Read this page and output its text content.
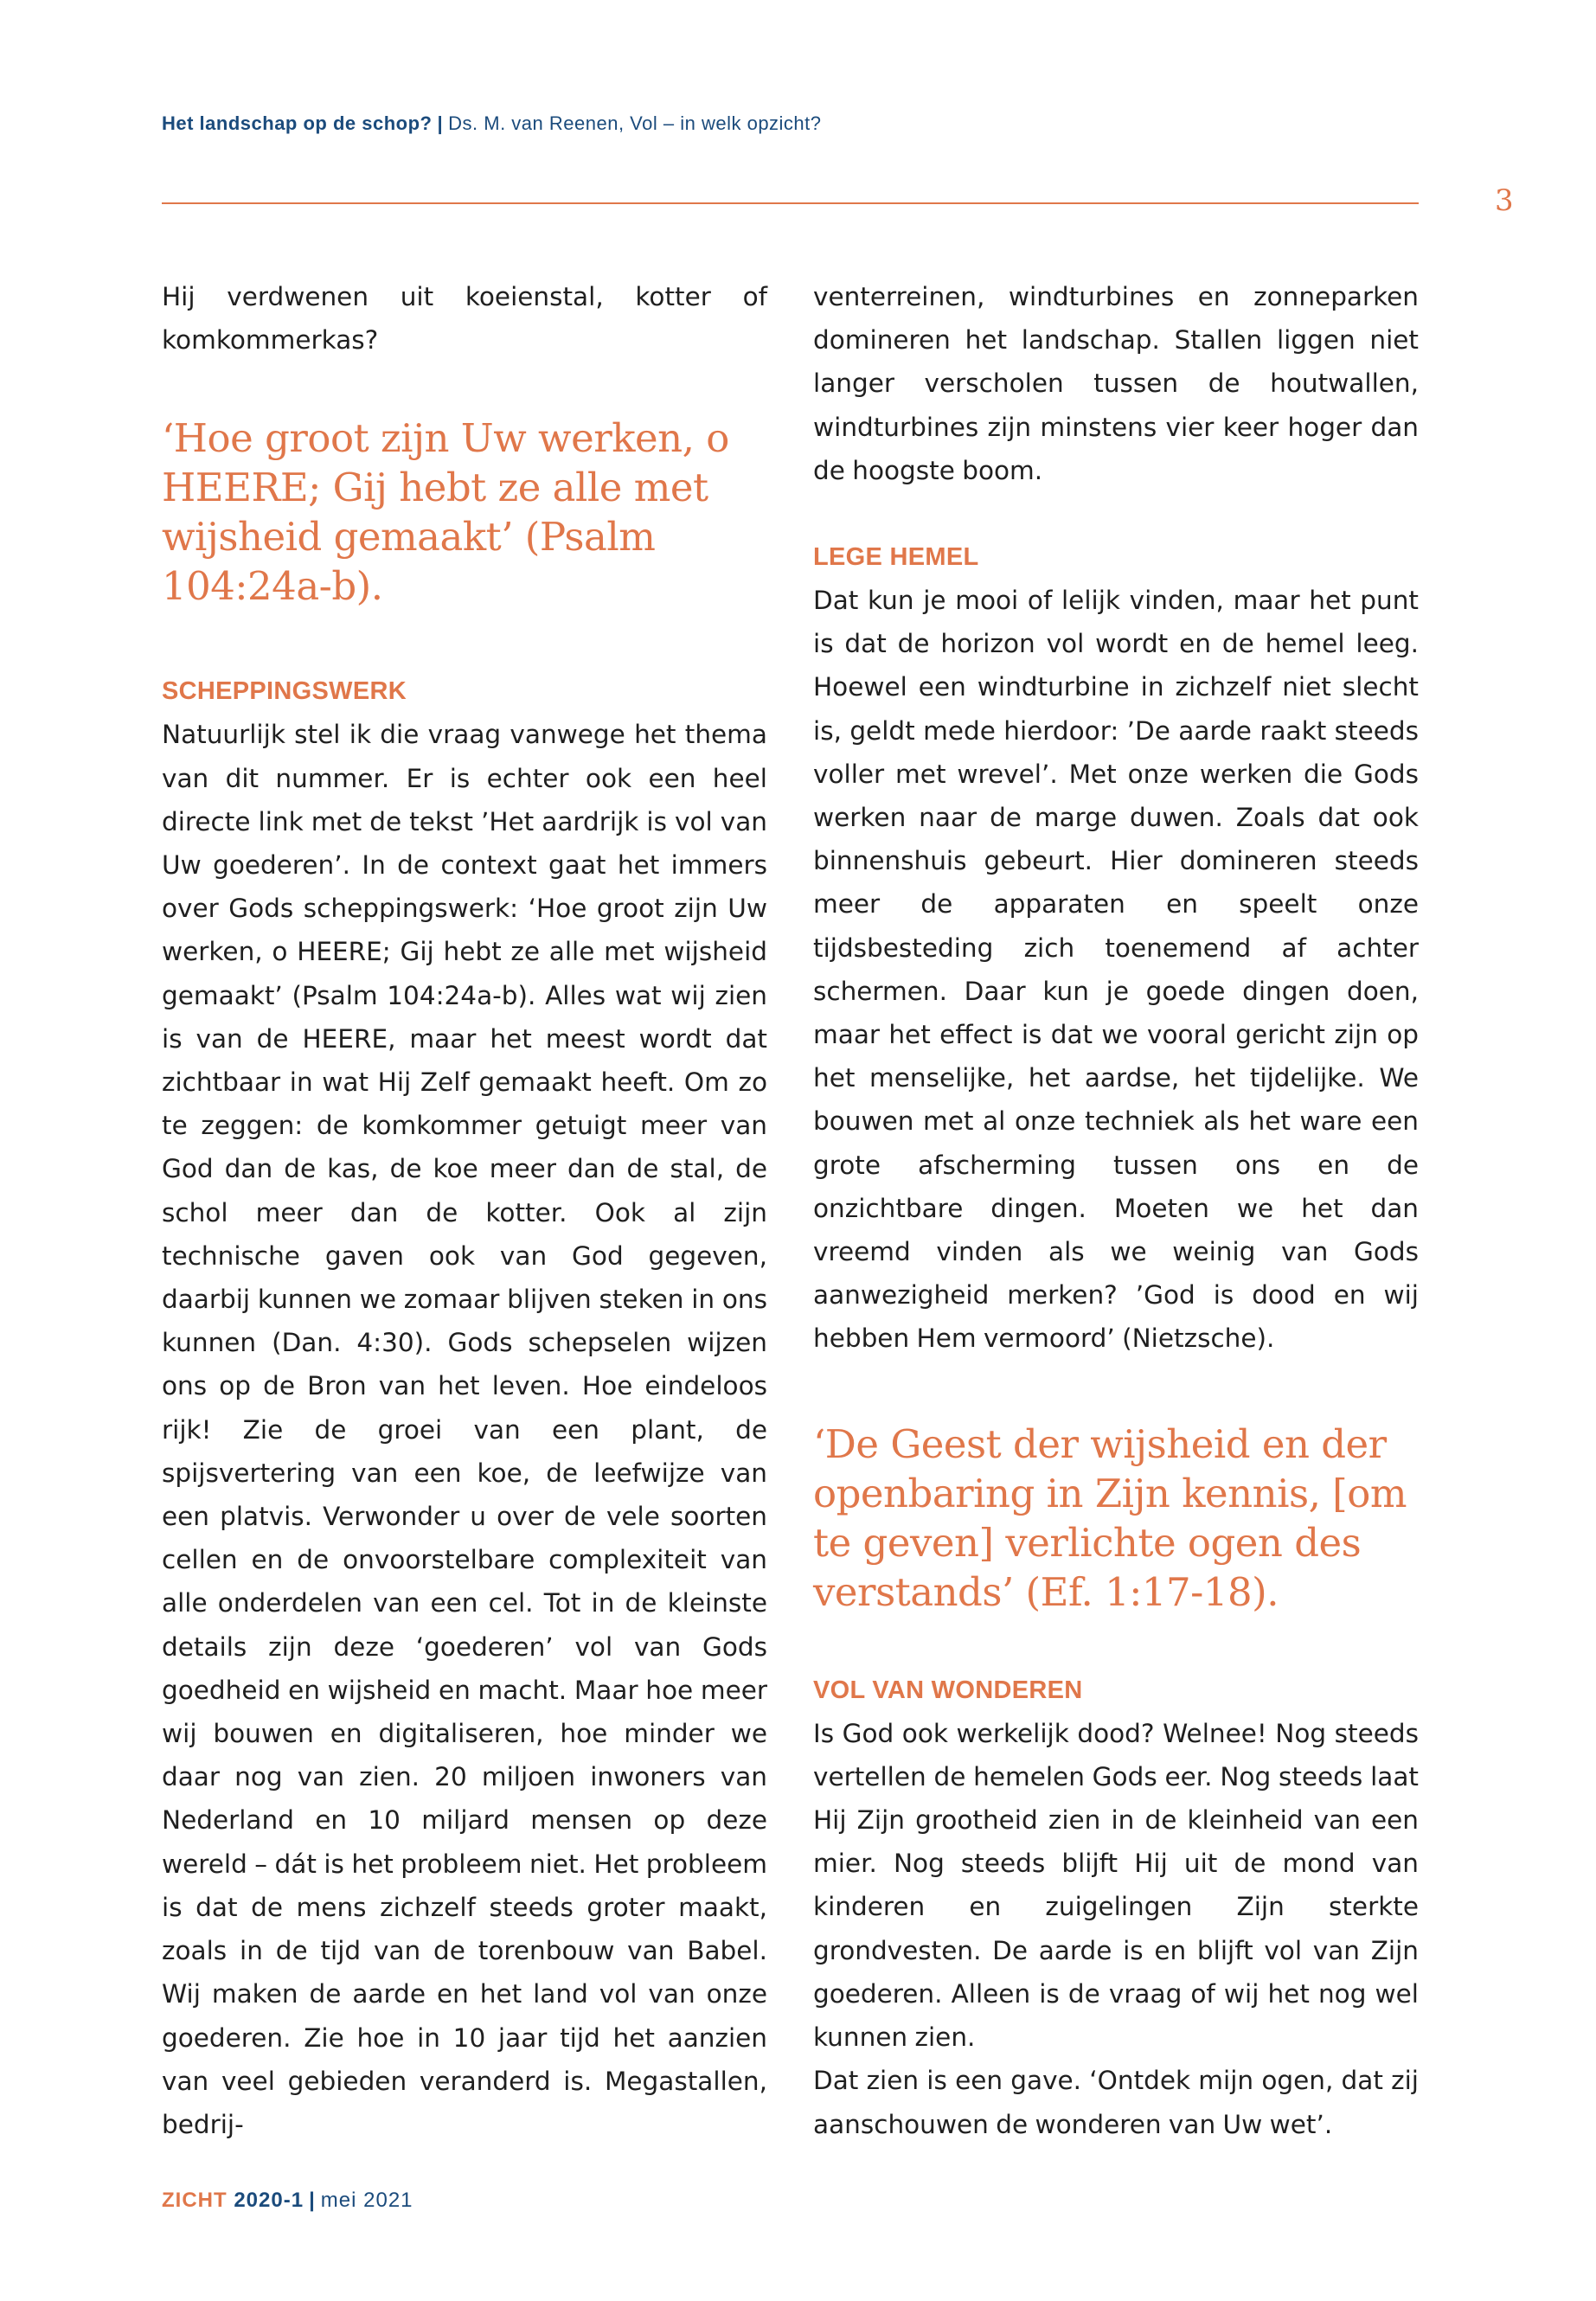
Het landschap op de schop? | Ds. M. van Reenen, Vol – in welk opzicht?
3

Hij verdwenen uit koeienstal, kotter of komkommerkas?

‘Hoe groot zijn Uw werken, o HEERE; Gij hebt ze alle met wijsheid gemaakt’ (Psalm 104:24a-b).

SCHEPPINGSWERK

Natuurlijk stel ik die vraag vanwege het thema van dit nummer. Er is echter ook een heel directe link met de tekst ’Het aardrijk is vol van Uw goederen’. In de context gaat het immers over Gods scheppingswerk: ‘Hoe groot zijn Uw werken, o HEERE; Gij hebt ze alle met wijsheid gemaakt’ (Psalm 104:24a-b). Alles wat wij zien is van de HEERE, maar het meest wordt dat zichtbaar in wat Hij Zelf gemaakt heeft. Om zo te zeggen: de komkommer getuigt meer van God dan de kas, de koe meer dan de stal, de schol meer dan de kotter. Ook al zijn technische gaven ook van God gegeven, daarbij kunnen we zomaar blijven steken in ons kunnen (Dan. 4:30). Gods schepselen wijzen ons op de Bron van het leven. Hoe eindeloos rijk! Zie de groei van een plant, de spijsvertering van een koe, de leefwijze van een platvis. Verwonder u over de vele soorten cellen en de onvoorstelbare complexiteit van alle onderdelen van een cel. Tot in de kleinste details zijn deze ‘goederen’ vol van Gods goedheid en wijsheid en macht. Maar hoe meer wij bouwen en digitaliseren, hoe minder we daar nog van zien. 20 miljoen inwoners van Nederland en 10 miljard mensen op deze wereld – dát is het probleem niet. Het probleem is dat de mens zichzelf steeds groter maakt, zoals in de tijd van de torenbouw van Babel. Wij maken de aarde en het land vol van onze goederen. Zie hoe in 10 jaar tijd het aanzien van veel gebieden veranderd is. Megastallen, bedrij-

venterreinen, windturbines en zonneparken domineren het landschap. Stallen liggen niet langer verscholen tussen de houtwallen, windturbines zijn minstens vier keer hoger dan de hoogste boom.

LEGE HEMEL

Dat kun je mooi of lelijk vinden, maar het punt is dat de horizon vol wordt en de hemel leeg. Hoewel een windturbine in zichzelf niet slecht is, geldt mede hierdoor: ’De aarde raakt steeds voller met wrevel’. Met onze werken die Gods werken naar de marge duwen. Zoals dat ook binnenshuis gebeurt. Hier domineren steeds meer de apparaten en speelt onze tijdsbesteding zich toenemend af achter schermen. Daar kun je goede dingen doen, maar het effect is dat we vooral gericht zijn op het menselijke, het aardse, het tijdelijke. We bouwen met al onze techniek als het ware een grote afscherming tussen ons en de onzichtbare dingen. Moeten we het dan vreemd vinden als we weinig van Gods aanwezigheid merken? ’God is dood en wij hebben Hem vermoord’ (Nietzsche).

‘De Geest der wijsheid en der openbaring in Zijn kennis, [om te geven] verlichte ogen des verstands’ (Ef. 1:17-18).

VOL VAN WONDEREN

Is God ook werkelijk dood? Welnee! Nog steeds vertellen de hemelen Gods eer. Nog steeds laat Hij Zijn grootheid zien in de kleinheid van een mier. Nog steeds blijft Hij uit de mond van kinderen en zuigelingen Zijn sterkte grondvesten. De aarde is en blijft vol van Zijn goederen. Alleen is de vraag of wij het nog wel kunnen zien.

Dat zien is een gave. ‘Ontdek mijn ogen, dat zij aanschouwen de wonderen van Uw wet’.

ZICHT 2020-1 | mei 2021
